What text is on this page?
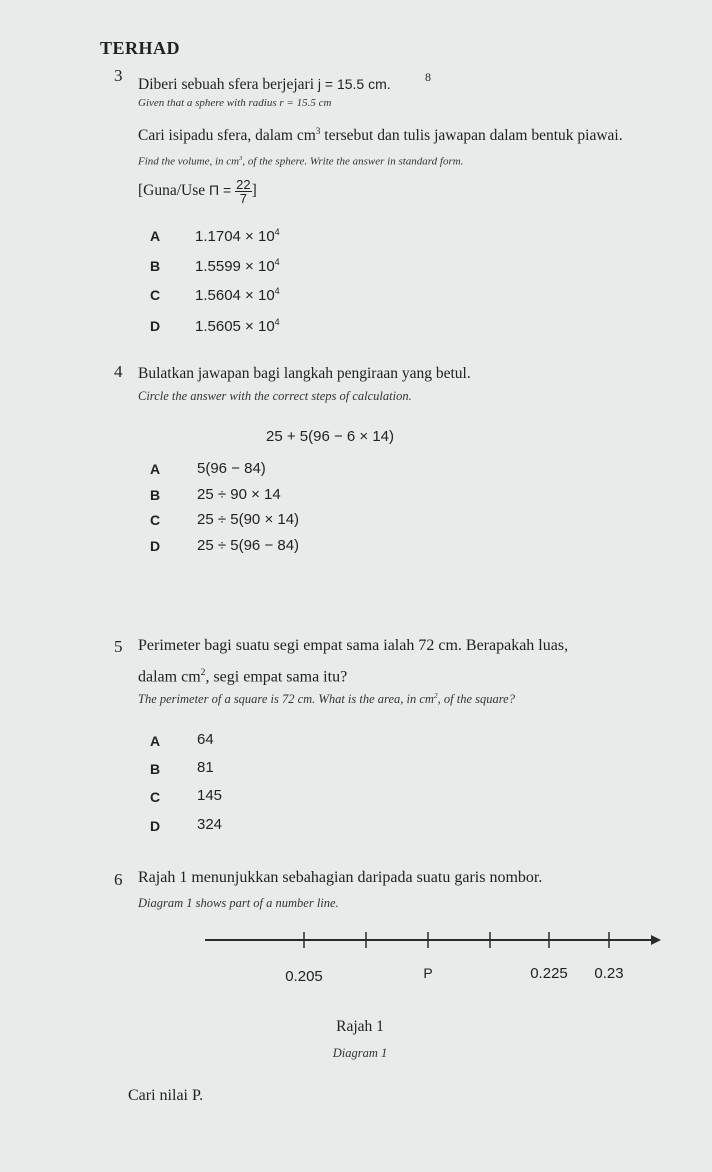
TERHAD
8
3 Diberi sebuah sfera berjejari j = 15.5 cm.
Given that a sphere with radius r = 15.5 cm
Cari isipadu sfera, dalam $cm^3$ tersebut dan tulis jawapan dalam bentuk piawai.
Find the volume, in $cm^3$, of the sphere. Write the answer in standard form.
[Guna/Use $\Pi = \frac{22}{7}$ ]
A $1.1704 \times 10^4$
B $1.5599 \times 10^4$
C $1.5604 \times 10^4$
D $1.5605 \times 10^4$
4 Bulatkan jawapan bagi langkah pengiraan yang betul.
Circle the answer with the correct steps of calculation.
25 + 5(96 − 6 × 14)
A 5(96 − 84)
B 25 ÷ 90 × 14
C 25 ÷ 5(90 × 14)
D 25 ÷ 5(96 − 84)
5 Perimeter bagi suatu segi empat sama ialah 72 cm. Berapakah luas,
dalam $cm^2$, segi empat sama itu?
The perimeter of a square is 72 cm. What is the area, in $cm^2$, of the square?
A 64
B 81
C 145
D 324
6 Rajah 1 menunjukkan sebahagian daripada suatu garis nombor.
Diagram 1 shows part of a number line.
0.205	P	0.225 0.23
Rajah 1
Diagram 1
Cari nilai P.
